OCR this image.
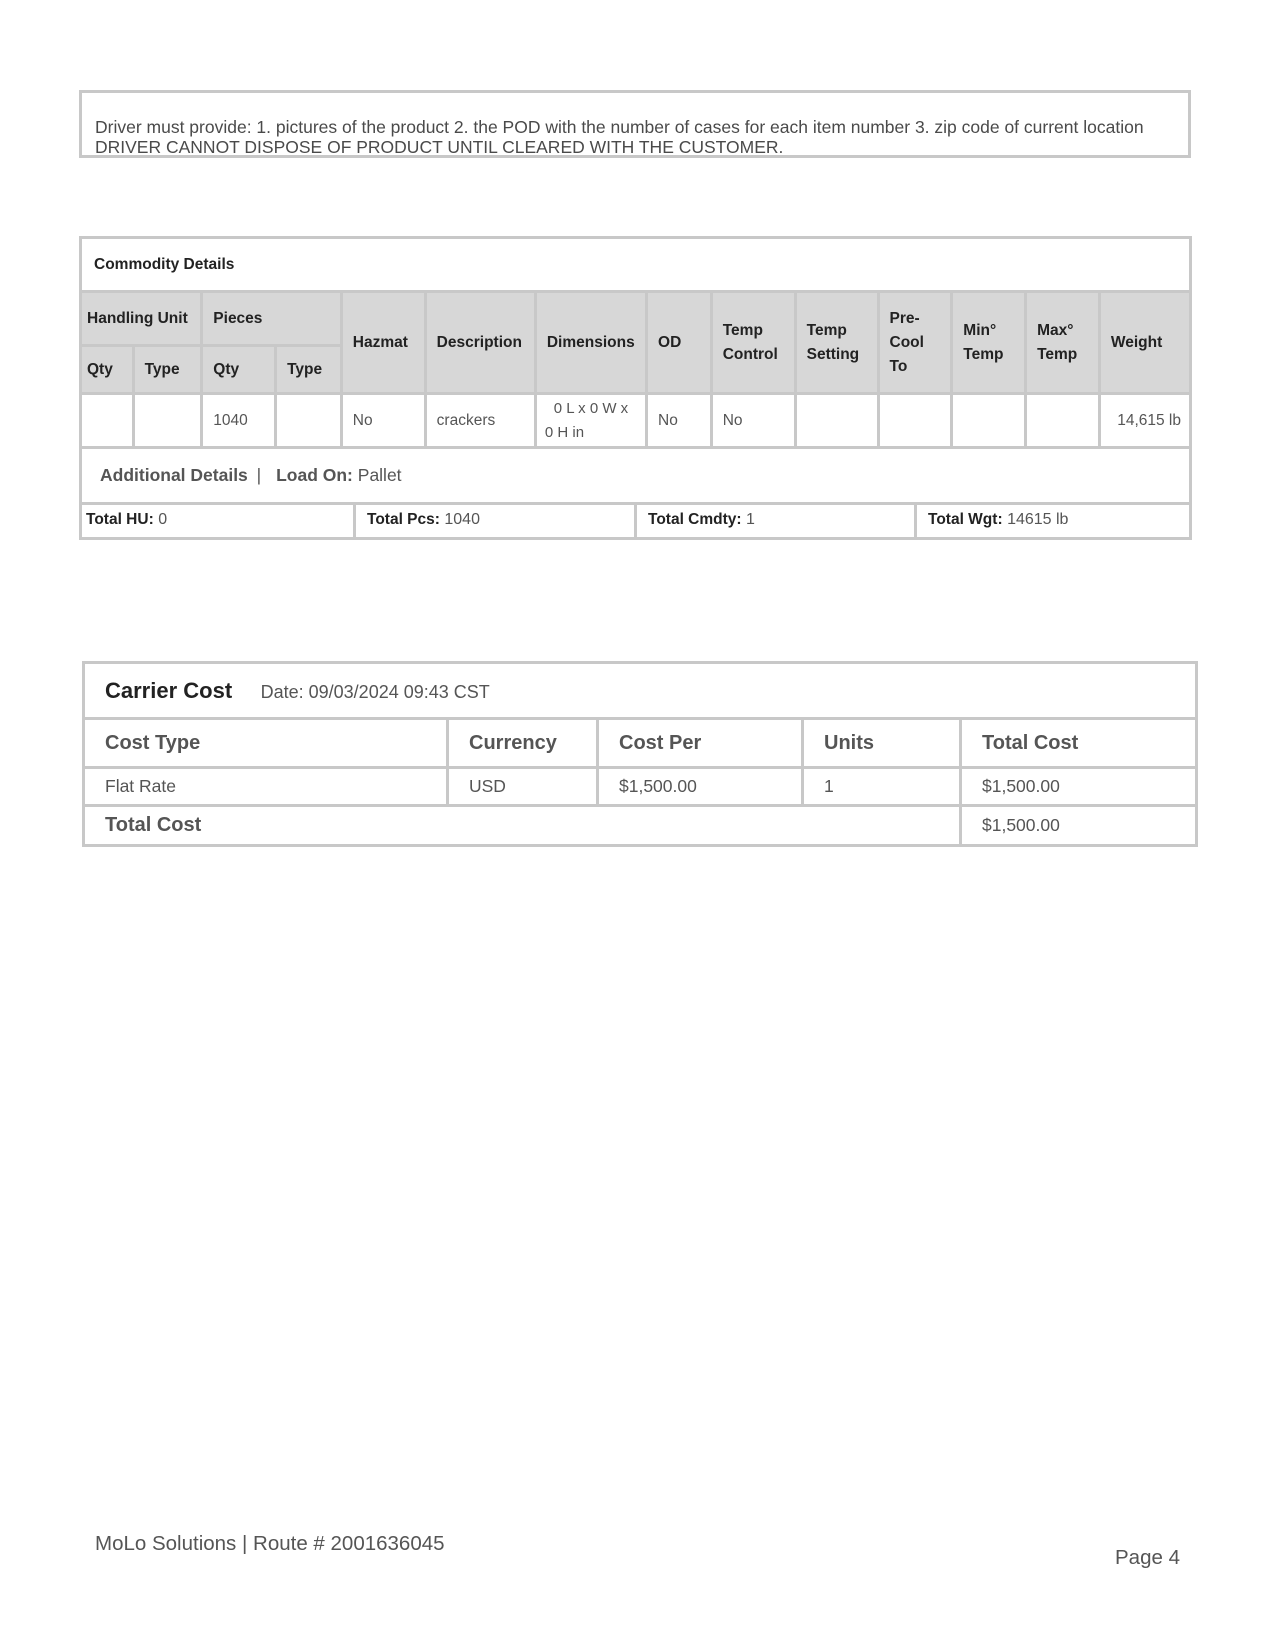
Driver must provide: 1. pictures of the product 2. the POD with the number of cases for each item number 3. zip code of current location DRIVER CANNOT DISPOSE OF PRODUCT UNTIL CLEARED WITH THE CUSTOMER.
Commodity Details													
Handling Unit		Pieces		Hazmat	Description	Dimensions	OD	Temp Control	Temp Setting	Pre-Cool To	Min° Temp	Max° Temp	Weight
Qty	Type	Qty	Type										
		1040		No	crackers	0 L x 0 W x
0 H in	No	No					14,615 lb
Additional Details | Load On: Pallet													

Total HU: 0 Total Pcs: 1040 Total Cmdty: 1 Total Wgt: 14615 lb													
Carrier Cost Date: 09/03/2024 09:43 CST				
Cost Type	Currency	Cost Per	Units	Total Cost
Flat Rate	USD	$1,500.00	1	$1,500.00
Total Cost				$1,500.00
MoLo Solutions | Route # 2001636045
Page 4
